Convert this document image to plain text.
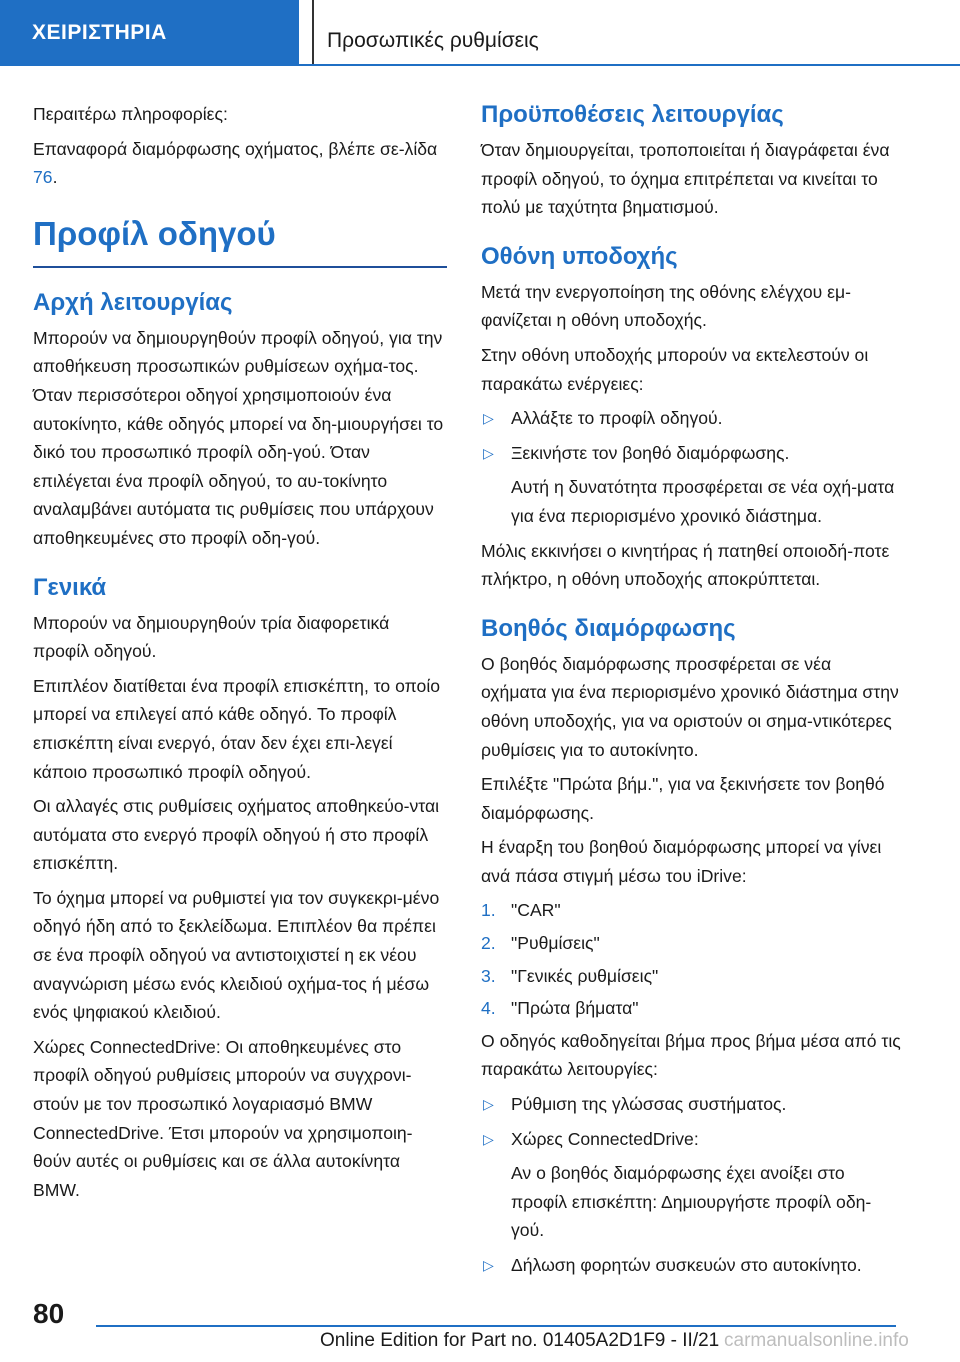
ΧΕΙΡΙΣΤΗΡΙΑ	Προσωπικές ρυθμίσεις

Περαιτέρω πληροφορίες:

Επαναφορά διαμόρφωσης οχήματος, βλέπε σε-λίδα 76.

Προφίλ οδηγού
Αρχή λειτουργίας

Μπορούν να δημιουργηθούν προφίλ οδηγού, για την αποθήκευση προσωπικών ρυθμίσεων οχήμα-τος. Όταν περισσότεροι οδηγοί χρησιμοποιούν ένα αυτοκίνητο, κάθε οδηγός μπορεί να δη-μιουργήσει το δικό του προσωπικό προφίλ οδη-γού. Όταν επιλέγεται ένα προφίλ οδηγού, το αυ-τοκίνητο αναλαμβάνει αυτόματα τις ρυθμίσεις που υπάρχουν αποθηκευμένες στο προφίλ οδη-γού.

Γενικά

Μπορούν να δημιουργηθούν τρία διαφορετικά προφίλ οδηγού.

Επιπλέον διατίθεται ένα προφίλ επισκέπτη, το οποίο μπορεί να επιλεγεί από κάθε οδηγό. Το προφίλ επισκέπτη είναι ενεργό, όταν δεν έχει επι-λεγεί κάποιο προσωπικό προφίλ οδηγού.

Οι αλλαγές στις ρυθμίσεις οχήματος αποθηκεύο-νται αυτόματα στο ενεργό προφίλ οδηγού ή στο προφίλ επισκέπτη.

Το όχημα μπορεί να ρυθμιστεί για τον συγκεκρι-μένο οδηγό ήδη από το ξεκλείδωμα. Επιπλέον θα πρέπει σε ένα προφίλ οδηγού να αντιστοιχιστεί η εκ νέου αναγνώριση μέσω ενός κλειδιού οχήμα-τος ή μέσω ενός ψηφιακού κλειδιού.

Χώρες ConnectedDrive: Οι αποθηκευμένες στο προφίλ οδηγού ρυθμίσεις μπορούν να συγχρονι-στούν με τον προσωπικό λογαριασμό BMW ConnectedDrive. Έτσι μπορούν να χρησιμοποιη-θούν αυτές οι ρυθμίσεις και σε άλλα αυτοκίνητα BMW.

Προϋποθέσεις λειτουργίας

Όταν δημιουργείται, τροποποιείται ή διαγράφεται ένα προφίλ οδηγού, το όχημα επιτρέπεται να κινείται το πολύ με ταχύτητα βηματισμού.

Οθόνη υποδοχής

Μετά την ενεργοποίηση της οθόνης ελέγχου εμ-φανίζεται η οθόνη υποδοχής.

Στην οθόνη υποδοχής μπορούν να εκτελεστούν οι παρακάτω ενέργειες:

▷ Αλλάξτε το προφίλ οδηγού.
▷ Ξεκινήστε τον βοηθό διαμόρφωσης.
Αυτή η δυνατότητα προσφέρεται σε νέα οχή-ματα για ένα περιορισμένο χρονικό διάστημα.

Μόλις εκκινήσει ο κινητήρας ή πατηθεί οποιοδή-ποτε πλήκτρο, η οθόνη υποδοχής αποκρύπτεται.

Βοηθός διαμόρφωσης

Ο βοηθός διαμόρφωσης προσφέρεται σε νέα οχήματα για ένα περιορισμένο χρονικό διάστημα στην οθόνη υποδοχής, για να οριστούν οι σημα-ντικότερες ρυθμίσεις για το αυτοκίνητο.

Επιλέξτε "Πρώτα βήμ.", για να ξεκινήσετε τον βοηθό διαμόρφωσης.

Η έναρξη του βοηθού διαμόρφωσης μπορεί να γίνει ανά πάσα στιγμή μέσω του iDrive:

1. "CAR"
2. "Ρυθμίσεις"
3. "Γενικές ρυθμίσεις"
4. "Πρώτα βήματα"

Ο οδηγός καθοδηγείται βήμα προς βήμα μέσα από τις παρακάτω λειτουργίες:

▷ Ρύθμιση της γλώσσας συστήματος.
▷ Χώρες ConnectedDrive:
Αν ο βοηθός διαμόρφωσης έχει ανοίξει στο προφίλ επισκέπτη: Δημιουργήστε προφίλ οδη-γού.
▷ Δήλωση φορητών συσκευών στο αυτοκίνητο.
80
Online Edition for Part no. 01405A2D1F9 - II/21 carmanualsonline.info
